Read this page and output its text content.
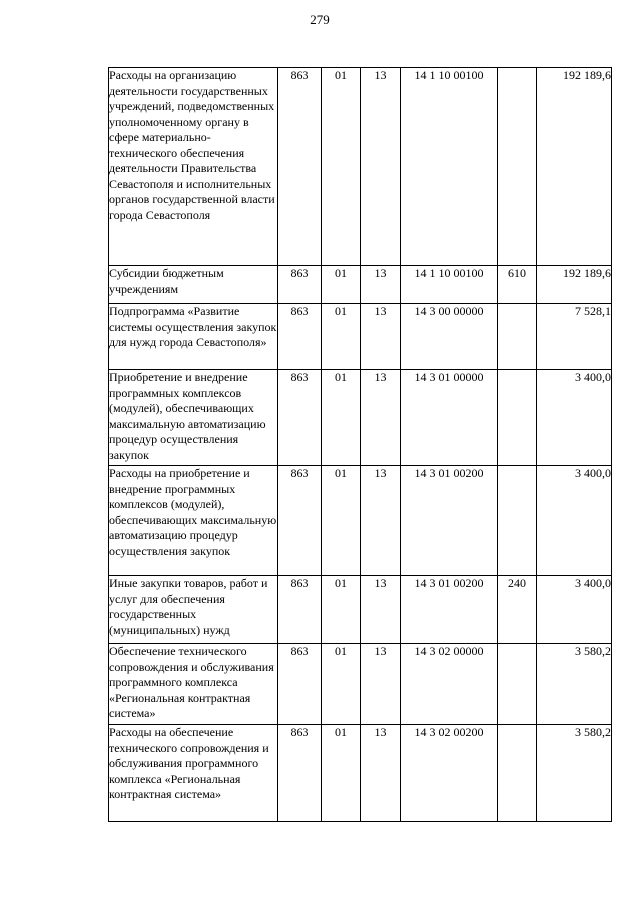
279
Расходы на организацию деятельности государственных учреждений, подведомственных уполномоченному органу в сфере материально-технического обеспечения деятельности Правительства Севастополя и исполнительных органов государственной власти города Севастополя	863	01	13	14 1 10 00100		192 189,6

Субсидии бюджетным учреждениям	863	01	13	14 1 10 00100	610	192 189,6

Подпрограмма «Развитие системы осуществления закупок для нужд города Севастополя»	863	01	13	14 3 00 00000		7 528,1

Приобретение и внедрение программных комплексов (модулей), обеспечивающих максимальную автоматизацию процедур осуществления закупок	863	01	13	14 3 01 00000		3 400,0

Расходы на приобретение и внедрение программных комплексов (модулей), обеспечивающих максимальную автоматизацию процедур осуществления закупок	863	01	13	14 3 01 00200		3 400,0

Иные закупки товаров, работ и услуг для обеспечения государственных (муниципальных) нужд	863	01	13	14 3 01 00200	240	3 400,0

Обеспечение технического сопровождения и обслуживания программного комплекса «Региональная контрактная система»	863	01	13	14 3 02 00000		3 580,2

Расходы на обеспечение технического сопровождения и обслуживания программного комплекса «Региональная контрактная система»	863	01	13	14 3 02 00200		3 580,2
